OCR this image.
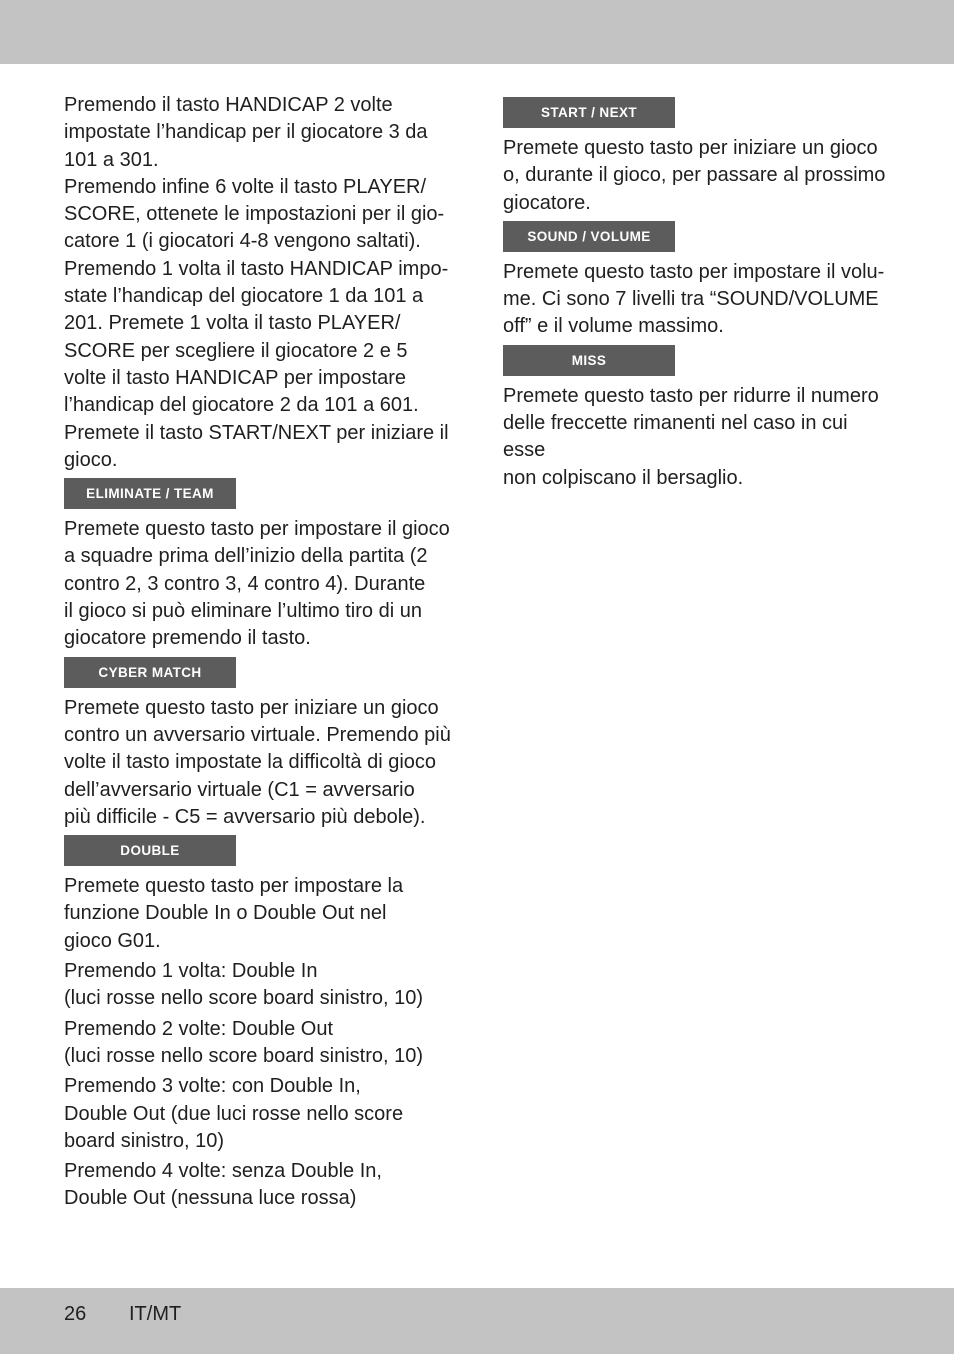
Premendo il tasto HANDICAP 2 volte
impostate l’handicap per il giocatore 3 da
101 a 301.
Premendo infine 6 volte il tasto PLAYER/
SCORE, ottenete le impostazioni per il gio-
catore 1 (i giocatori 4-8 vengono saltati).
Premendo 1 volta il tasto HANDICAP impo-
state l’handicap del giocatore 1 da 101 a
201. Premete 1 volta il tasto PLAYER/
SCORE per scegliere il giocatore 2 e 5
volte il tasto HANDICAP per impostare
l’handicap del giocatore 2 da 101 a 601.
Premete il tasto START/NEXT per iniziare il
gioco.

ELIMINATE / TEAM

Premete questo tasto per impostare il gioco
a squadre prima dell’inizio della partita (2
contro 2, 3 contro 3, 4 contro 4). Durante
il gioco si può eliminare l’ultimo tiro di un
giocatore premendo il tasto.

CYBER MATCH

Premete questo tasto per iniziare un gioco
contro un avversario virtuale. Premendo più
volte il tasto impostate la difficoltà di gioco
dell’avversario virtuale (C1 = avversario
più difficile - C5 = avversario più debole).

DOUBLE

Premete questo tasto per impostare la
funzione Double In o Double Out nel
gioco G01.

Premendo 1 volta: Double In
(luci rosse nello score board sinistro, 10)

Premendo 2 volte: Double Out
(luci rosse nello score board sinistro, 10)

Premendo 3 volte: con Double In,
Double Out (due luci rosse nello score
board sinistro, 10)

Premendo 4 volte: senza Double In,
Double Out (nessuna luce rossa)

START / NEXT

Premete questo tasto per iniziare un gioco
o, durante il gioco, per passare al prossimo
giocatore.

SOUND / VOLUME

Premete questo tasto per impostare il volu-
me. Ci sono 7 livelli tra “SOUND/VOLUME
off” e il volume massimo.

MISS

Premete questo tasto per ridurre il numero
delle freccette rimanenti nel caso in cui esse
non colpiscano il bersaglio.

26 IT/MT
